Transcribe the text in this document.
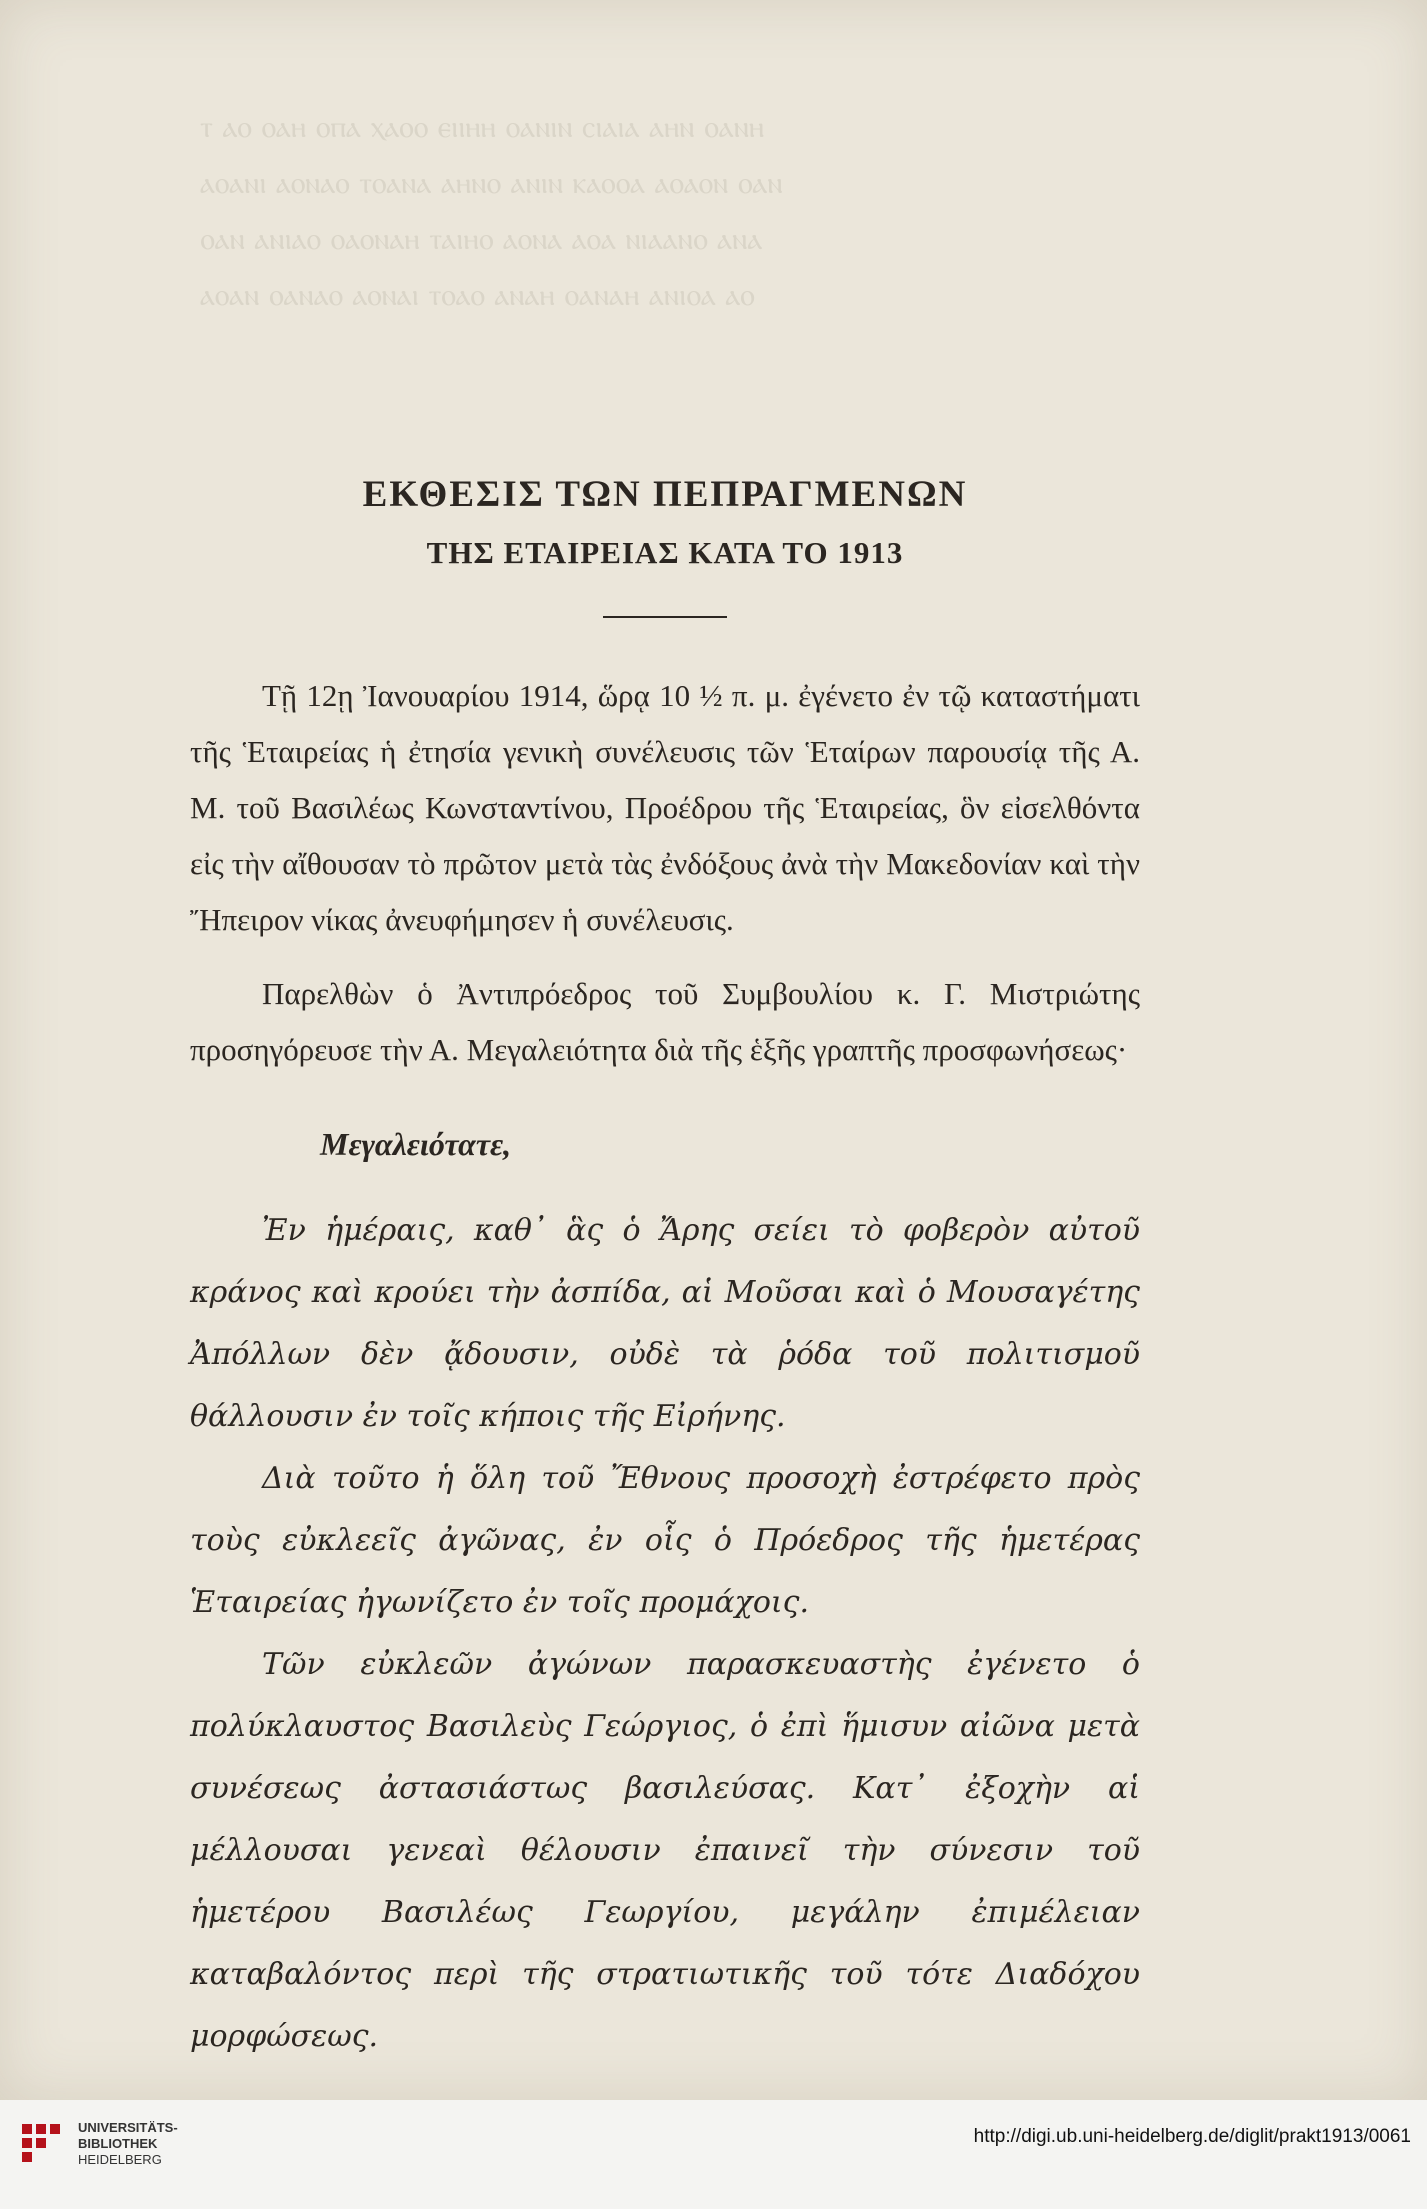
ⲧ ⲁⲟ ⲟⲁⲏ ⲟⲡⲁ ⲭⲁⲟⲟ ⲉⲓⲓⲏⲏ ⲟⲁⲛⲓⲛ ⲥⲓⲁⲓⲁ ⲁⲏⲛ ⲟⲁⲛⲏ
ⲁⲟⲁⲛⲓ ⲁⲟⲛⲁⲟ ⲧⲟⲁⲛⲁ ⲁⲏⲛⲟ ⲁⲛⲓⲛ ⲕⲁⲟⲟⲁ ⲁⲟⲁⲟⲛ ⲟⲁⲛ
ⲟⲁⲛ ⲁⲛⲓⲁⲟ ⲟⲁⲟⲛⲁⲏ ⲧⲁⲓⲏⲟ ⲁⲟⲛⲁ ⲁⲟⲁ ⲛⲓⲁⲁⲛⲟ ⲁⲛⲁ
ⲁⲟⲁⲛ ⲟⲁⲛⲁⲟ ⲁⲟⲛⲁⲓ ⲧⲟⲁⲟ ⲁⲛⲁⲏ ⲟⲁⲛⲁⲏ ⲁⲛⲓⲟⲁ ⲁⲟ
ΕΚΘΕΣΙΣ ΤΩΝ ΠΕΠΡΑΓΜΕΝΩΝ
ΤΗΣ ΕΤΑΙΡΕΙΑΣ ΚΑΤΑ ΤΟ 1913

Τῇ 12ῃ Ἰανουαρίου 1914, ὥρᾳ 10 ½ π. μ. ἐγένετο ἐν τῷ καταστήματι τῆς Ἑταιρείας ἡ ἐτησία γενικὴ συνέλευσις τῶν Ἑταίρων παρουσίᾳ τῆς Α. Μ. τοῦ Βασιλέως Κωνσταντίνου, Προέδρου τῆς Ἑταιρείας, ὃν εἰσελθόντα εἰς τὴν αἴθουσαν τὸ πρῶτον μετὰ τὰς ἐνδόξους ἀνὰ τὴν Μακεδονίαν καὶ τὴν Ἤπειρον νίκας ἀνευφήμησεν ἡ συνέλευσις.

Παρελθὼν ὁ Ἀντιπρόεδρος τοῦ Συμβουλίου κ. Γ. Μιστριώτης προσηγόρευσε τὴν Α. Μεγαλειότητα διὰ τῆς ἑξῆς γραπτῆς προσφωνήσεως·

Μεγαλειότατε,

Ἐν ἡμέραις, καθ᾽ ἃς ὁ Ἄρης σείει τὸ φοβερὸν αὐτοῦ κράνος καὶ κρούει τὴν ἀσπίδα, αἱ Μοῦσαι καὶ ὁ Μουσαγέτης Ἀπόλλων δὲν ᾄδουσιν, οὐδὲ τὰ ῥόδα τοῦ πολιτισμοῦ θάλλουσιν ἐν τοῖς κήποις τῆς Εἰρήνης.

Διὰ τοῦτο ἡ ὅλη τοῦ Ἔθνους προσοχὴ ἐστρέφετο πρὸς τοὺς εὐκλεεῖς ἀγῶνας, ἐν οἷς ὁ Πρόεδρος τῆς ἡμετέρας Ἑταιρείας ἠγωνίζετο ἐν τοῖς προμάχοις.

Τῶν εὐκλεῶν ἀγώνων παρασκευαστὴς ἐγένετο ὁ πολύκλαυστος Βασιλεὺς Γεώργιος, ὁ ἐπὶ ἥμισυν αἰῶνα μετὰ συνέσεως ἀστασιάστως βασιλεύσας. Κατ᾽ ἐξοχὴν αἱ μέλλουσαι γενεαὶ θέλουσιν ἐπαινεῖ τὴν σύνεσιν τοῦ ἡμετέρου Βασιλέως Γεωργίου, μεγάλην ἐπιμέλειαν καταβαλόντος περὶ τῆς στρατιωτικῆς τοῦ τότε Διαδόχου μορφώσεως.

UNIVERSITÄTS-
BIBLIOTHEK
HEIDELBERG
http://digi.ub.uni-heidelberg.de/diglit/prakt1913/0061
